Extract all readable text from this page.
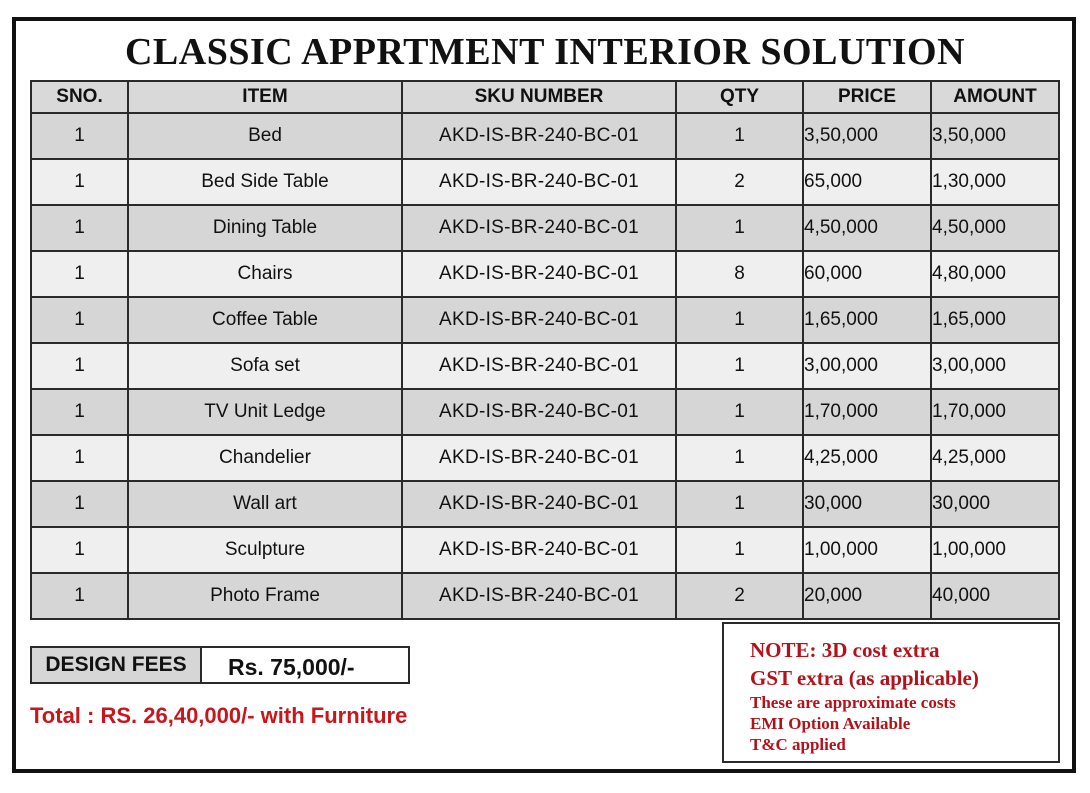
CLASSIC APPRTMENT INTERIOR SOLUTION
SNO.	ITEM	SKU NUMBER	QTY	PRICE	AMOUNT
1	Bed	AKD-IS-BR-240-BC-01	1	3,50,000	3,50,000
1	Bed Side Table	AKD-IS-BR-240-BC-01	2	65,000	1,30,000
1	Dining Table	AKD-IS-BR-240-BC-01	1	4,50,000	4,50,000
1	Chairs	AKD-IS-BR-240-BC-01	8	60,000	4,80,000
1	Coffee Table	AKD-IS-BR-240-BC-01	1	1,65,000	1,65,000
1	Sofa set	AKD-IS-BR-240-BC-01	1	3,00,000	3,00,000
1	TV Unit Ledge	AKD-IS-BR-240-BC-01	1	1,70,000	1,70,000
1	Chandelier	AKD-IS-BR-240-BC-01	1	4,25,000	4,25,000
1	Wall art	AKD-IS-BR-240-BC-01	1	30,000	30,000
1	Sculpture	AKD-IS-BR-240-BC-01	1	1,00,000	1,00,000
1	Photo Frame	AKD-IS-BR-240-BC-01	2	20,000	40,000
DESIGN FEES	Rs. 75,000/-
Total : RS. 26,40,000/- with Furniture
NOTE: 3D cost extra
GST extra (as applicable)
These are approximate costs
EMI Option Available
T&C applied
